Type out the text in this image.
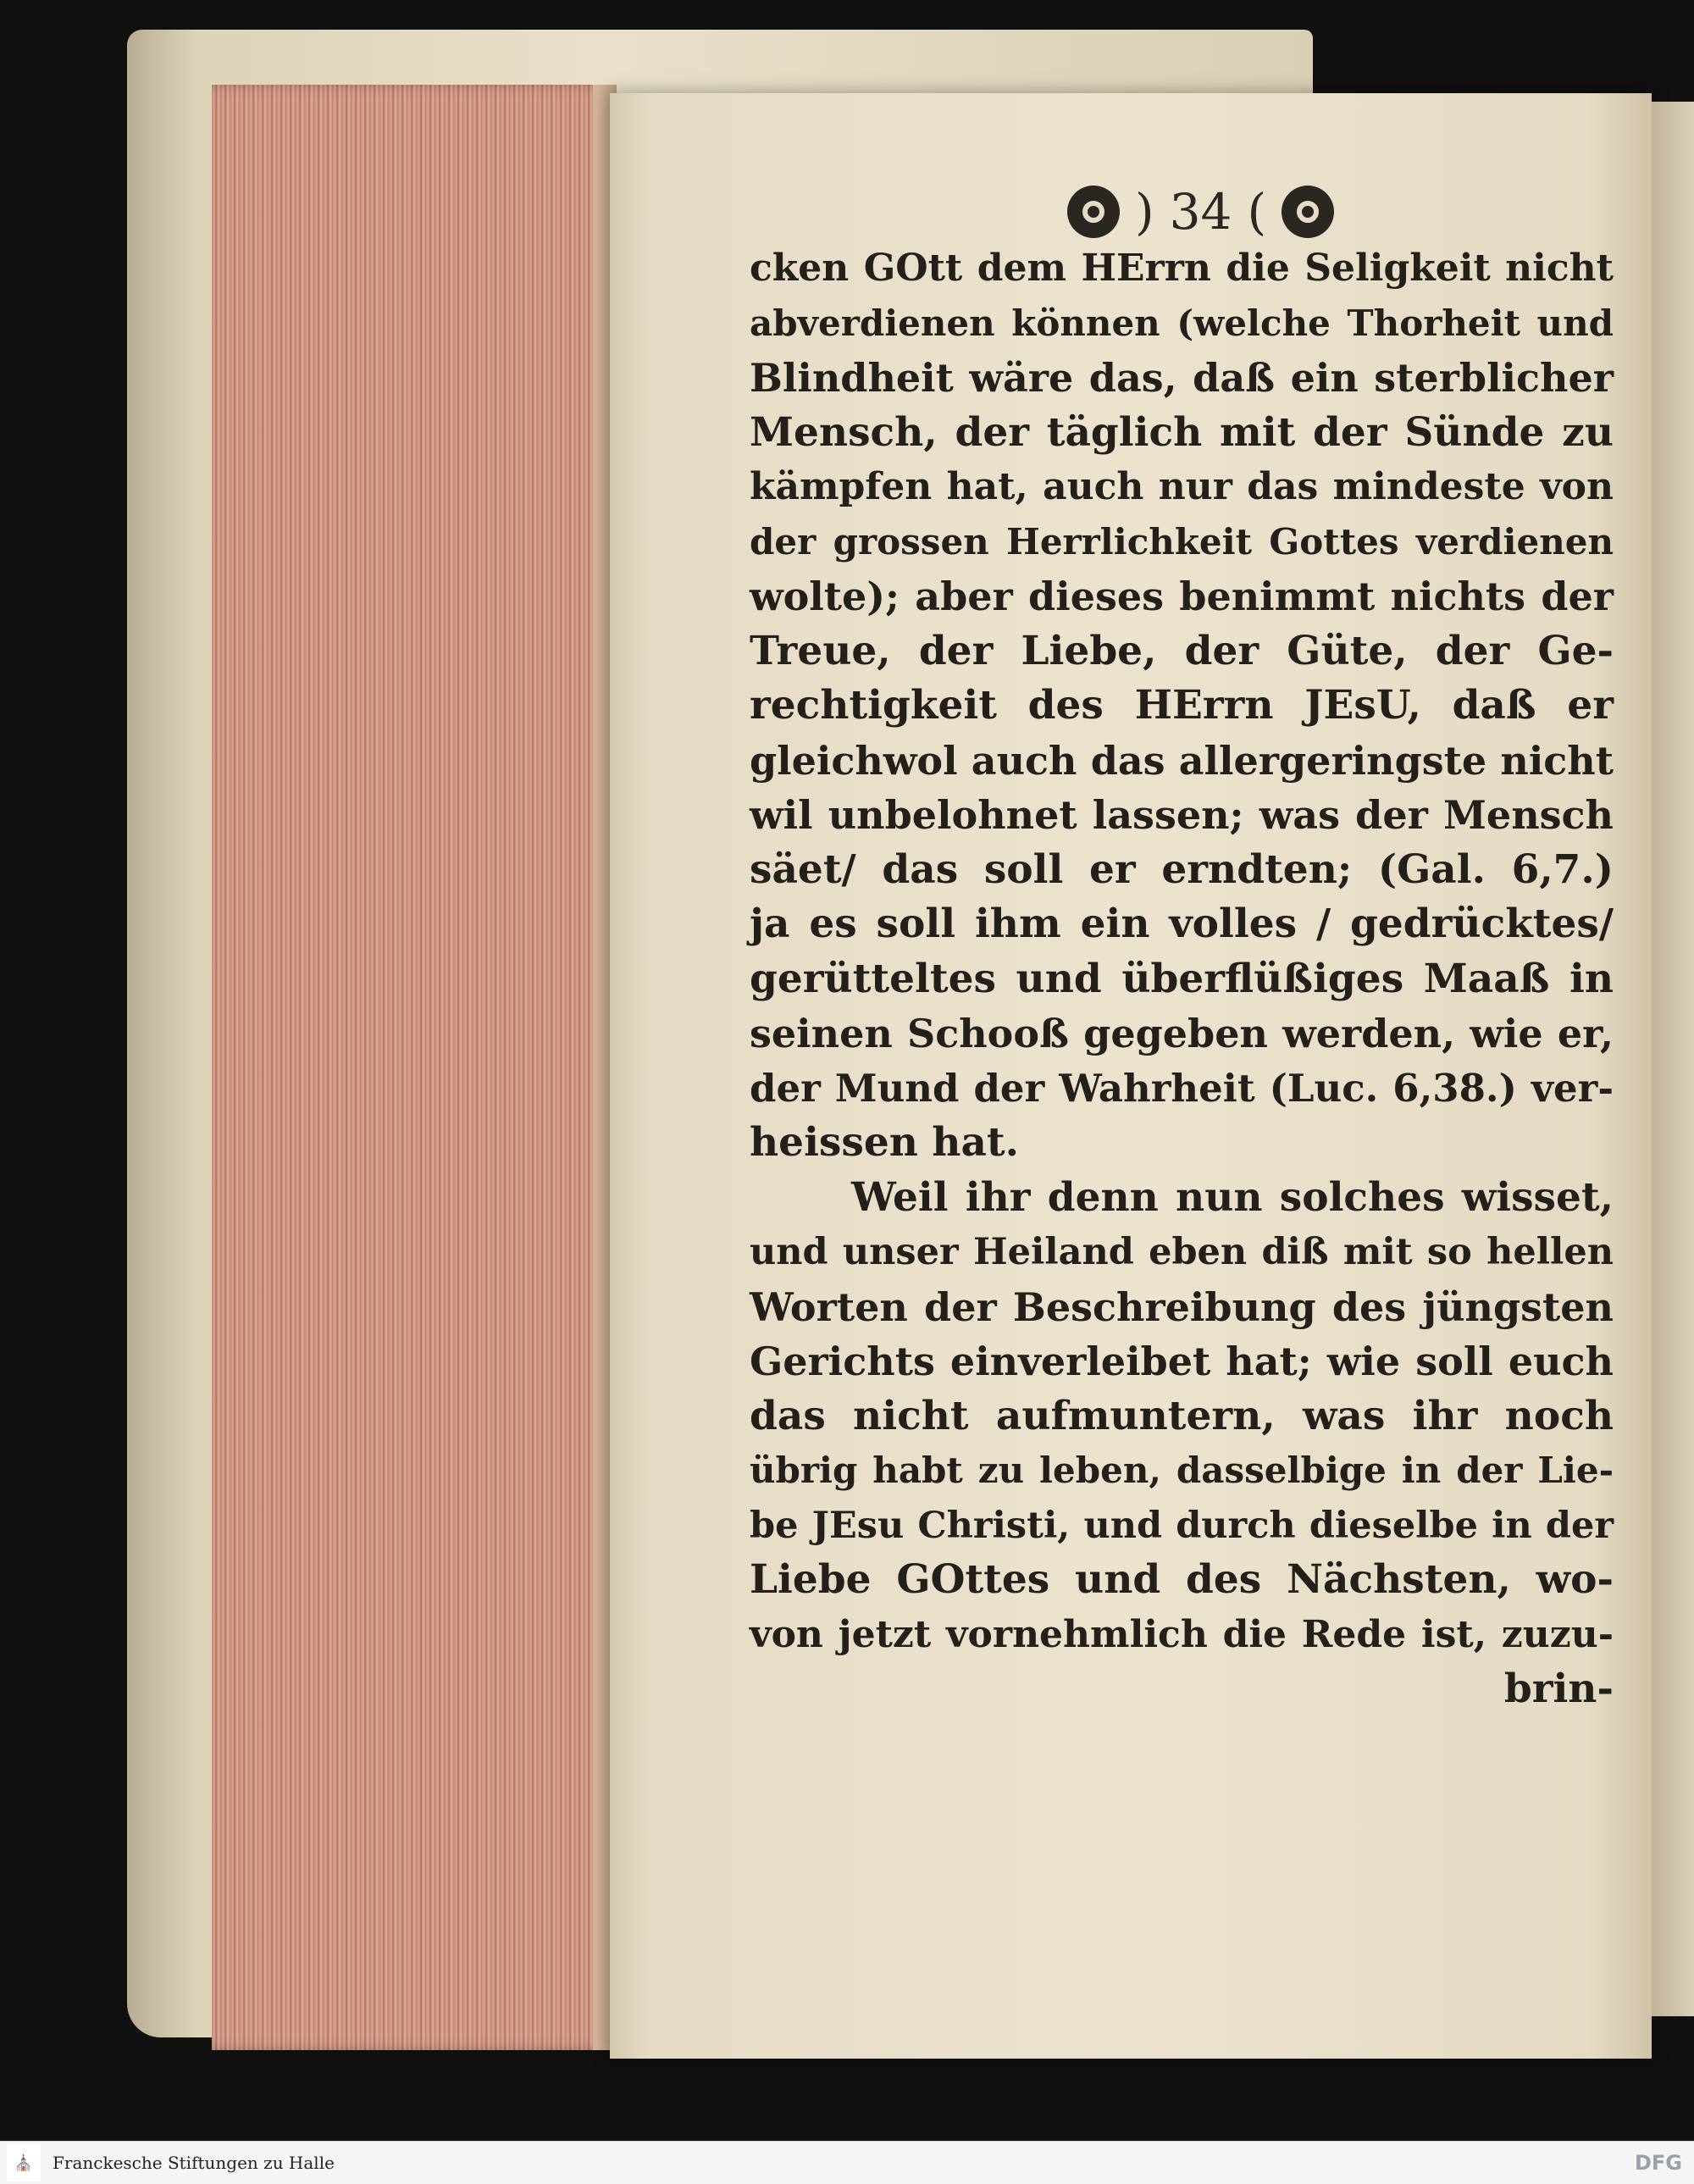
) 34 (
cken GOtt dem HErrn die Seligkeit nicht
abverdienen können (welche Thorheit und
Blindheit wäre das, daß ein sterblicher
Mensch, der täglich mit der Sünde zu
kämpfen hat, auch nur das mindeste von
der grossen Herrlichkeit Gottes verdienen
wolte); aber dieses benimmt nichts der
Treue, der Liebe, der Güte, der Ge-
rechtigkeit des HErrn JEsU, daß er
gleichwol auch das allergeringste nicht
wil unbelohnet lassen; was der Mensch
säet/ das soll er erndten; (Gal. 6,7.)
ja es soll ihm ein volles / gedrücktes/
gerütteltes und überflüßiges Maaß in
seinen Schooß gegeben werden, wie er,
der Mund der Wahrheit (Luc. 6,38.) ver-
heissen hat.
Weil ihr denn nun solches wisset,
und unser Heiland eben diß mit so hellen
Worten der Beschreibung des jüngsten
Gerichts einverleibet hat; wie soll euch
das nicht aufmuntern, was ihr noch
übrig habt zu leben, dasselbige in der Lie-
be JEsu Christi, und durch dieselbe in der
Liebe GOttes und des Nächsten, wo-
von jetzt vornehmlich die Rede ist, zuzu-
brin-
⛪	Franckesche Stiftungen zu Halle	DFG
